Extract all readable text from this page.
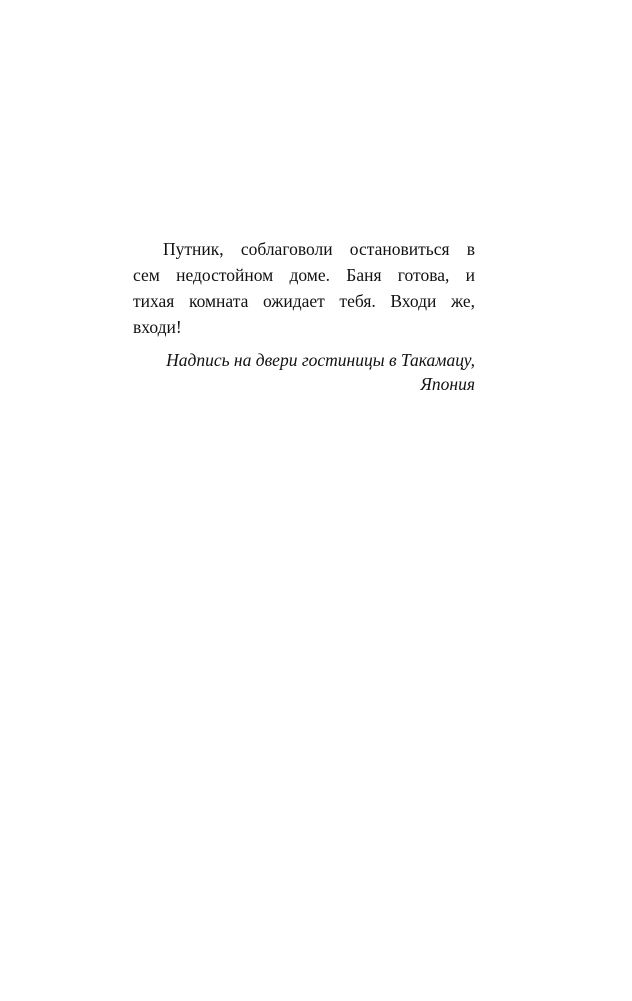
Путник, соблаговоли остановиться в
сем недостойном доме. Баня готова, и
тихая комната ожидает тебя. Входи же,
входи!
Надпись на двери гостиницы в Такамацу,
Япония
